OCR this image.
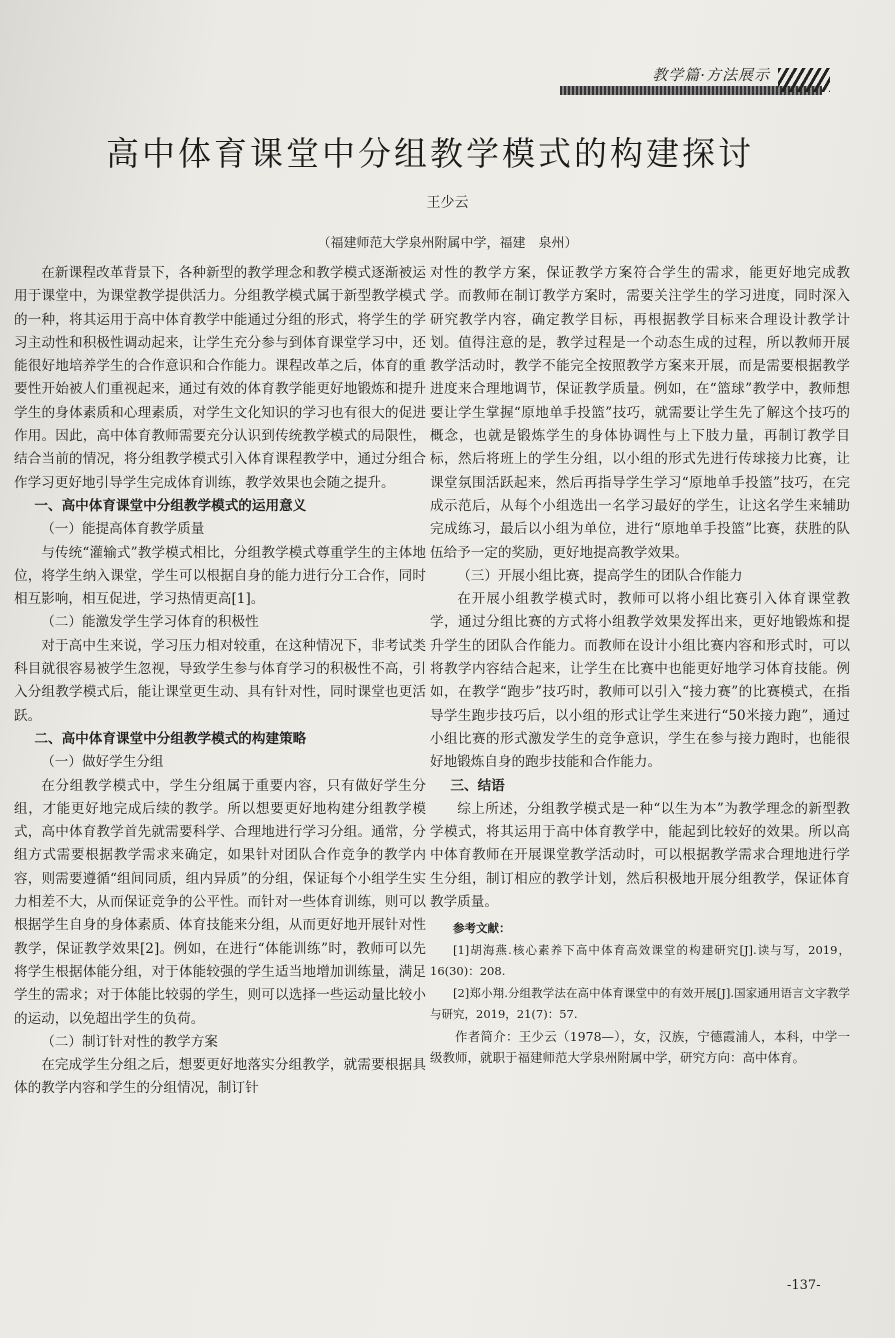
教学篇·方法展示
高中体育课堂中分组教学模式的构建探讨
王少云
（福建师范大学泉州附属中学，福建　泉州）

在新课程改革背景下，各种新型的教学理念和教学模式逐渐被运用于课堂中，为课堂教学提供活力。分组教学模式属于新型教学模式的一种，将其运用于高中体育教学中能通过分组的形式，将学生的学习主动性和积极性调动起来，让学生充分参与到体育课堂学习中，还能很好地培养学生的合作意识和合作能力。课程改革之后，体育的重要性开始被人们重视起来，通过有效的体育教学能更好地锻炼和提升学生的身体素质和心理素质，对学生文化知识的学习也有很大的促进作用。因此，高中体育教师需要充分认识到传统教学模式的局限性，结合当前的情况，将分组教学模式引入体育课程教学中，通过分组合作学习更好地引导学生完成体育训练，教学效果也会随之提升。

一、高中体育课堂中分组教学模式的运用意义
（一）能提高体育教学质量

与传统“灌输式”教学模式相比，分组教学模式尊重学生的主体地位，将学生纳入课堂，学生可以根据自身的能力进行分工合作，同时相互影响，相互促进，学习热情更高[1]。

（二）能激发学生学习体育的积极性

对于高中生来说，学习压力相对较重，在这种情况下，非考试类科目就很容易被学生忽视，导致学生参与体育学习的积极性不高，引入分组教学模式后，能让课堂更生动、具有针对性，同时课堂也更活跃。

二、高中体育课堂中分组教学模式的构建策略
（一）做好学生分组

在分组教学模式中，学生分组属于重要内容，只有做好学生分组，才能更好地完成后续的教学。所以想要更好地构建分组教学模式，高中体育教学首先就需要科学、合理地进行学习分组。通常，分组方式需要根据教学需求来确定，如果针对团队合作竞争的教学内容，则需要遵循“组间同质，组内异质”的分组，保证每个小组学生实力相差不大，从而保证竞争的公平性。而针对一些体育训练，则可以根据学生自身的身体素质、体育技能来分组，从而更好地开展针对性教学，保证教学效果[2]。例如，在进行“体能训练”时，教师可以先将学生根据体能分组，对于体能较强的学生适当地增加训练量，满足学生的需求；对于体能比较弱的学生，则可以选择一些运动量比较小的运动，以免超出学生的负荷。

（二）制订针对性的教学方案

在完成学生分组之后，想要更好地落实分组教学，就需要根据具体的教学内容和学生的分组情况，制订针

对性的教学方案，保证教学方案符合学生的需求，能更好地完成教学。而教师在制订教学方案时，需要关注学生的学习进度，同时深入研究教学内容，确定教学目标，再根据教学目标来合理设计教学计划。值得注意的是，教学过程是一个动态生成的过程，所以教师开展教学活动时，教学不能完全按照教学方案来开展，而是需要根据教学进度来合理地调节，保证教学质量。例如，在“篮球”教学中，教师想要让学生掌握“原地单手投篮”技巧，就需要让学生先了解这个技巧的概念，也就是锻炼学生的身体协调性与上下肢力量，再制订教学目标，然后将班上的学生分组，以小组的形式先进行传球接力比赛，让课堂氛围活跃起来，然后再指导学生学习“原地单手投篮”技巧，在完成示范后，从每个小组选出一名学习最好的学生，让这名学生来辅助完成练习，最后以小组为单位，进行“原地单手投篮”比赛，获胜的队伍给予一定的奖励，更好地提高教学效果。

（三）开展小组比赛，提高学生的团队合作能力

在开展小组教学模式时，教师可以将小组比赛引入体育课堂教学，通过分组比赛的方式将小组教学效果发挥出来，更好地锻炼和提升学生的团队合作能力。而教师在设计小组比赛内容和形式时，可以将教学内容结合起来，让学生在比赛中也能更好地学习体育技能。例如，在教学“跑步”技巧时，教师可以引入“接力赛”的比赛模式，在指导学生跑步技巧后，以小组的形式让学生来进行“50米接力跑”，通过小组比赛的形式激发学生的竞争意识，学生在参与接力跑时，也能很好地锻炼自身的跑步技能和合作能力。

三、结语

综上所述，分组教学模式是一种“以生为本”为教学理念的新型教学模式，将其运用于高中体育教学中，能起到比较好的效果。所以高中体育教师在开展课堂教学活动时，可以根据教学需求合理地进行学生分组，制订相应的教学计划，然后积极地开展分组教学，保证体育教学质量。

参考文献：

[1]胡海燕.核心素养下高中体育高效课堂的构建研究[J].读与写，2019，16(30)：208.

[2]郑小翔.分组教学法在高中体育课堂中的有效开展[J].国家通用语言文字教学与研究，2019，21(7)：57.

作者简介：王少云（1978—），女，汉族，宁德霞浦人，本科，中学一级教师，就职于福建师范大学泉州附属中学，研究方向：高中体育。

-137-
